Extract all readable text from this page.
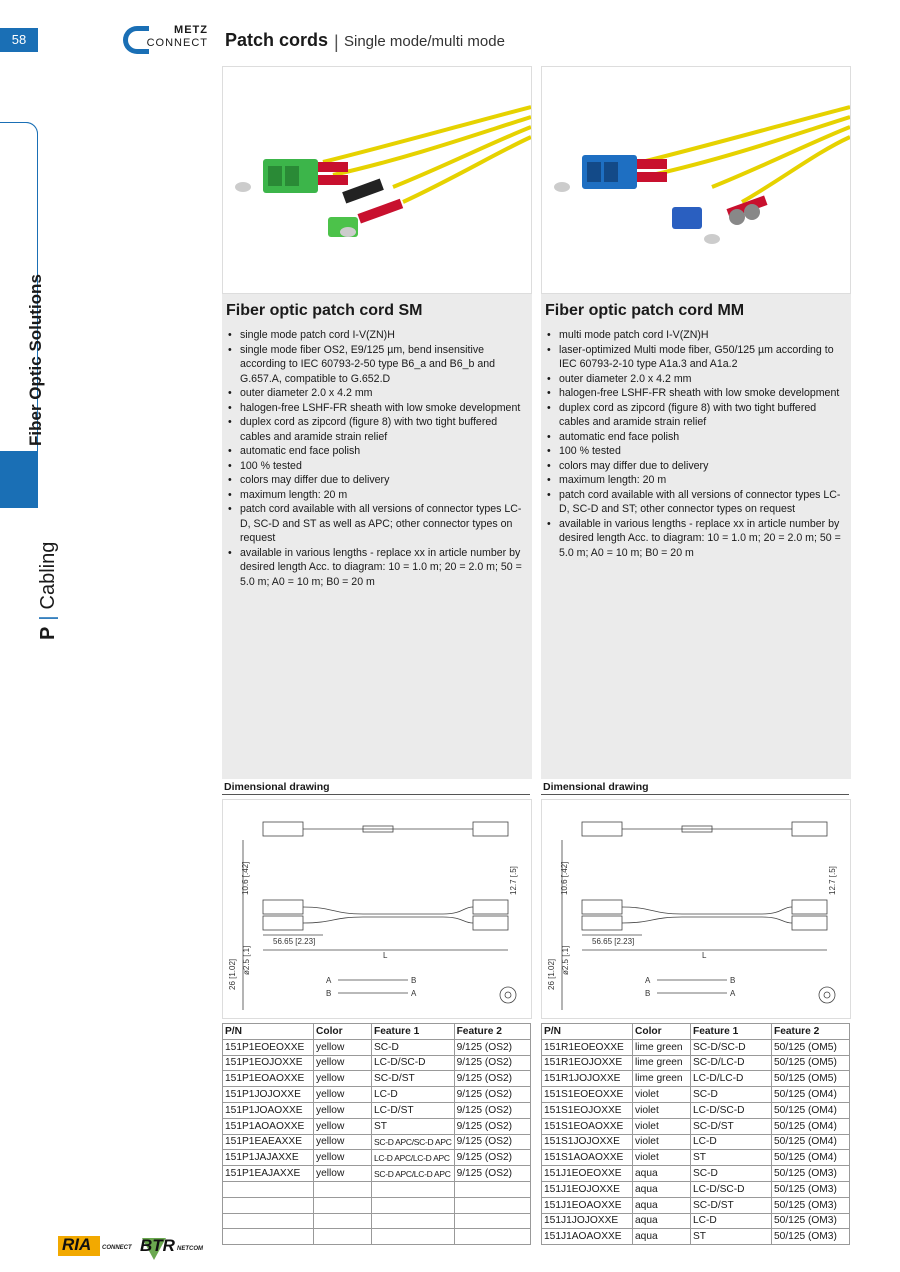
58
METZ
CONNECT Patch cords | Single mode/multi mode
Fiber Optic Solutions
P|Cabling
Fiber optic patch cord SM
• single mode patch cord I-V(ZN)H
• single mode fiber OS2, E9/125 µm, bend insensitive according to IEC 60793-2-50 type B6_a and B6_b and G.657.A, compatible to G.652.D
• outer diameter 2.0 x 4.2 mm
• halogen-free LSHF-FR sheath with low smoke development
• duplex cord as zipcord (figure 8) with two tight buffered cables and aramide strain relief
• automatic end face polish
• 100 % tested
• colors may differ due to delivery
• maximum length: 20 m
• patch cord available with all versions of connector types LC- D, SC-D and ST as well as APC; other connector types on request
• available in various lengths - replace xx in article number by desired length Acc. to diagram: 10 = 1.0 m; 20 = 2.0 m; 50 = 5.0 m; A0 = 10 m; B0 = 20 m
Dimensional drawing
10.6 [.42]	12.7 [.5]
56.65 [2.23]
L
26 [1.02] ø2.5 [.1]
A	B
B	A
P/N	Color	Feature 1	Feature 2
151P1EOEOXXE	yellow	SC-D	9/125 (OS2)
151P1EOJOXXE	yellow	LC-D/SC-D	9/125 (OS2)
151P1EOAOXXE	yellow	SC-D/ST	9/125 (OS2)
151P1JOJOXXE	yellow	LC-D	9/125 (OS2)
151P1JOAOXXE	yellow	LC-D/ST	9/125 (OS2)
151P1AOAOXXE	yellow	ST	9/125 (OS2)
151P1EAEAXXE	yellow	SC-D APC/SC-D APC	9/125 (OS2)
151P1JAJAXXE	yellow	LC-D APC/LC-D APC	9/125 (OS2)
151P1EAJAXXE	yellow	SC-D APC/LC-D APC	9/125 (OS2)

Fiber optic patch cord MM
• multi mode patch cord I-V(ZN)H
• laser-optimized Multi mode fiber, G50/125 µm according to IEC 60793-2-10 type A1a.3 and A1a.2
• outer diameter 2.0 x 4.2 mm
• halogen-free LSHF-FR sheath with low smoke development
• duplex cord as zipcord (figure 8) with two tight buffered cables and aramide strain relief
• automatic end face polish
• 100 % tested
• colors may differ due to delivery
• maximum length: 20 m
• patch cord available with all versions of connector types LC-D, SC-D and ST; other connector types on request
• available in various lengths - replace xx in article number by desired length Acc. to diagram: 10 = 1.0 m; 20 = 2.0 m; 50 = 5.0 m; A0 = 10 m; B0 = 20 m
Dimensional drawing
10.6 [.42]	12.7 [.5]
56.65 [2.23]
L
26 [1.02] ø2.5 [.1]
A	B
B	A
P/N	Color	Feature 1	Feature 2
151R1EOEOXXE	lime green	SC-D/SC-D	50/125 (OM5)
151R1EOJOXXE	lime green	SC-D/LC-D	50/125 (OM5)
151R1JOJOXXE	lime green	LC-D/LC-D	50/125 (OM5)
151S1EOEOXXE	violet	SC-D	50/125 (OM4)
151S1EOJOXXE	violet	LC-D/SC-D	50/125 (OM4)
151S1EOAOXXE	violet	SC-D/ST	50/125 (OM4)
151S1JOJOXXE	violet	LC-D	50/125 (OM4)
151S1AOAOXXE	violet	ST	50/125 (OM4)
151J1EOEOXXE	aqua	SC-D	50/125 (OM3)
151J1EOJOXXE	aqua	LC-D/SC-D	50/125 (OM3)
151J1EOAOXXE	aqua	SC-D/ST	50/125 (OM3)
151J1JOJOXXE	aqua	LC-D	50/125 (OM3)
151J1AOAOXXE	aqua	ST	50/125 (OM3)
RIA CONNECT BTR NETCOM
